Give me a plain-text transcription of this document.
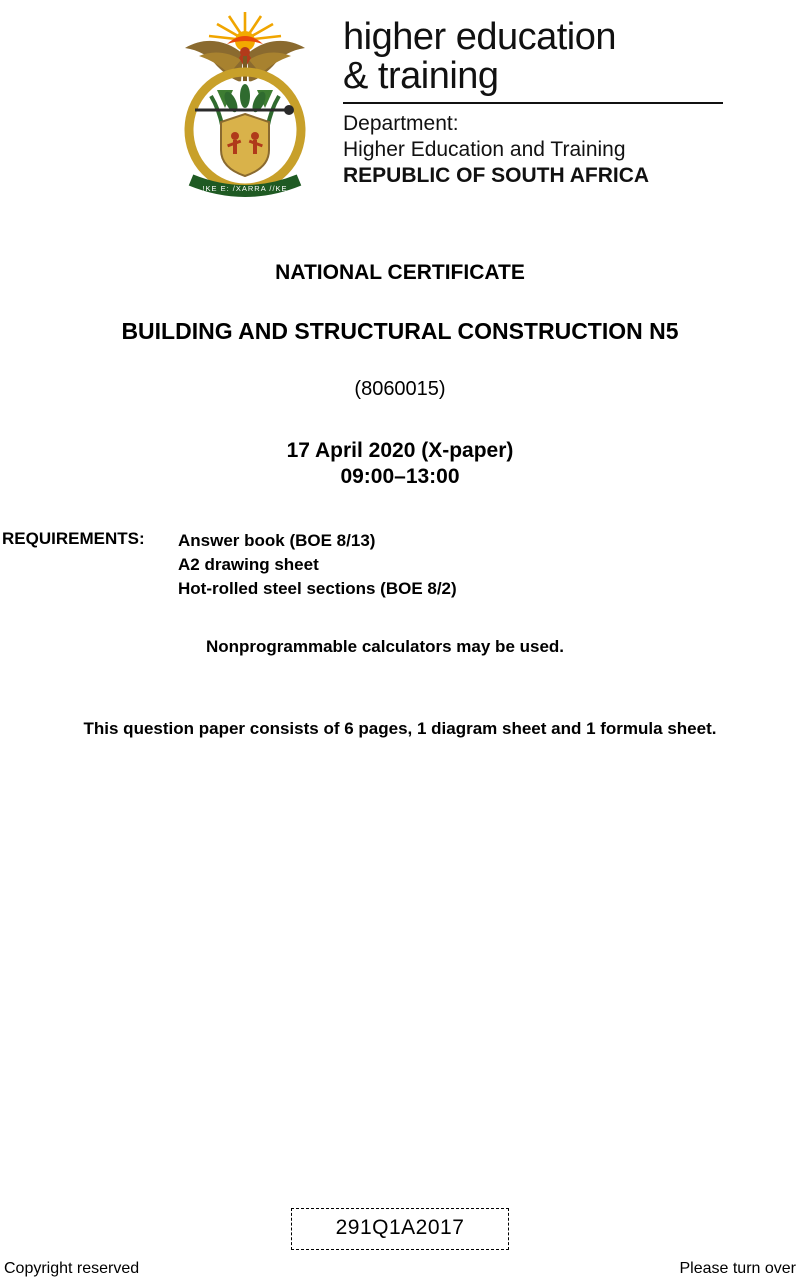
!KE E: /XARRA //KE
higher education
& training
Department:
Higher Education and Training
REPUBLIC OF SOUTH AFRICA
NATIONAL CERTIFICATE
BUILDING AND STRUCTURAL CONSTRUCTION N5
(8060015)
17 April 2020 (X-paper)
09:00–13:00
REQUIREMENTS:	Answer book (BOE 8/13)
A2 drawing sheet
Hot-rolled steel sections (BOE 8/2)
Nonprogrammable calculators may be used.
This question paper consists of 6 pages, 1 diagram sheet and 1 formula sheet.
291Q1A2017
Copyright reserved	Please turn over
